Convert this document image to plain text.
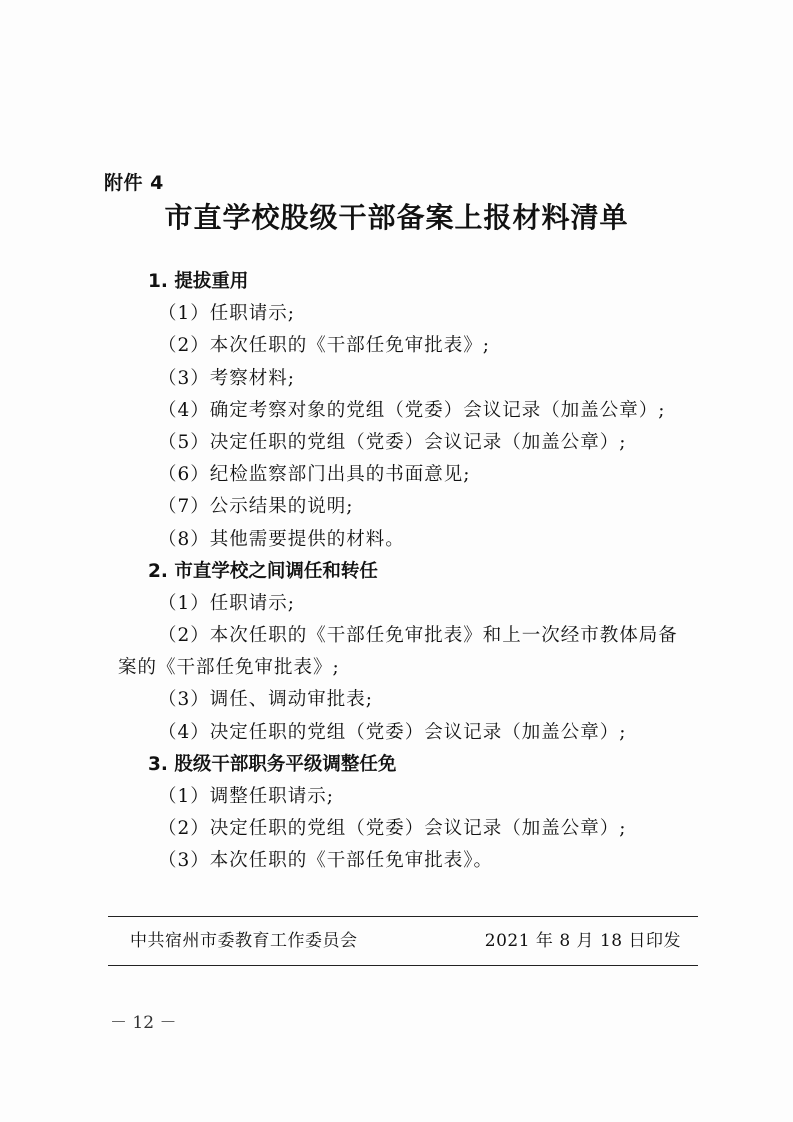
附件 4
市直学校股级干部备案上报材料清单
1. 提拔重用
（1）任职请示;
（2）本次任职的《干部任免审批表》;
（3）考察材料;
（4）确定考察对象的党组（党委）会议记录（加盖公章）;
（5）决定任职的党组（党委）会议记录（加盖公章）;
（6）纪检监察部门出具的书面意见;
（7）公示结果的说明;
（8）其他需要提供的材料。
2. 市直学校之间调任和转任
（1）任职请示;
（2）本次任职的《干部任免审批表》和上一次经市教体局备
案的《干部任免审批表》;
（3）调任、调动审批表;
（4）决定任职的党组（党委）会议记录（加盖公章）;
3. 股级干部职务平级调整任免
（1）调整任职请示;
（2）决定任职的党组（党委）会议记录（加盖公章）;
（3）本次任职的《干部任免审批表》。
中共宿州市委教育工作委员会	2021 年 8 月 18 日印发
－ 12 －
